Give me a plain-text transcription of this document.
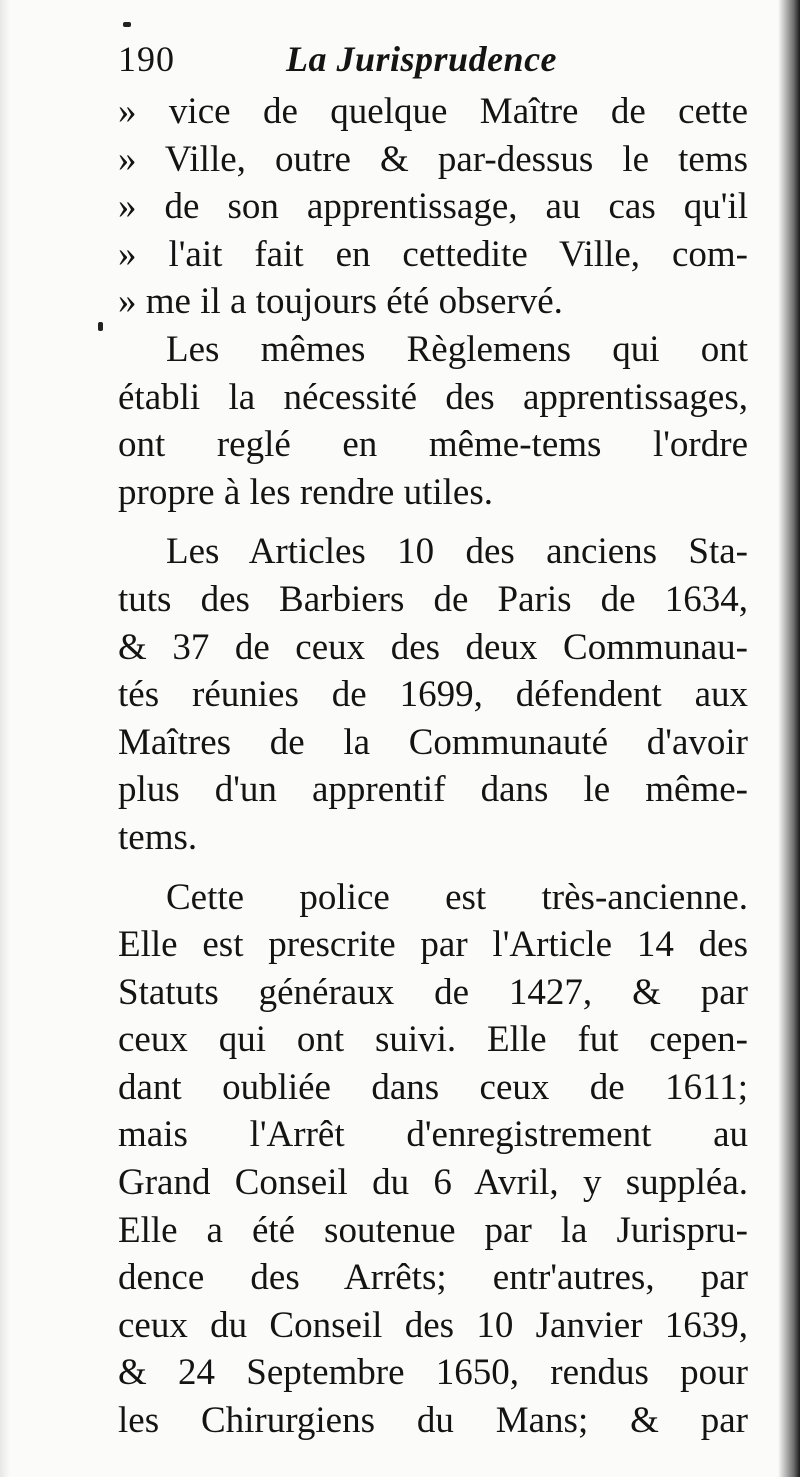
190	La Jurisprudence
» vice de quelque Maître de cette
» Ville, outre & par-dessus le tems
» de son apprentissage, au cas qu'il
» l'ait fait en cettedite Ville, com-
» me il a toujours été observé.
Les mêmes Règlemens qui ont
établi la nécessité des apprentissages,
ont reglé en même-tems l'ordre
propre à les rendre utiles.
Les Articles 10 des anciens Sta-
tuts des Barbiers de Paris de 1634,
& 37 de ceux des deux Communau-
tés réunies de 1699, défendent aux
Maîtres de la Communauté d'avoir
plus d'un apprentif dans le même-
tems.
Cette police est très-ancienne.
Elle est prescrite par l'Article 14 des
Statuts généraux de 1427, & par
ceux qui ont suivi. Elle fut cepen-
dant oubliée dans ceux de 1611;
mais l'Arrêt d'enregistrement au
Grand Conseil du 6 Avril, y suppléa.
Elle a été soutenue par la Jurispru-
dence des Arrêts; entr'autres, par
ceux du Conseil des 10 Janvier 1639,
& 24 Septembre 1650, rendus pour
les Chirurgiens du Mans; & par
